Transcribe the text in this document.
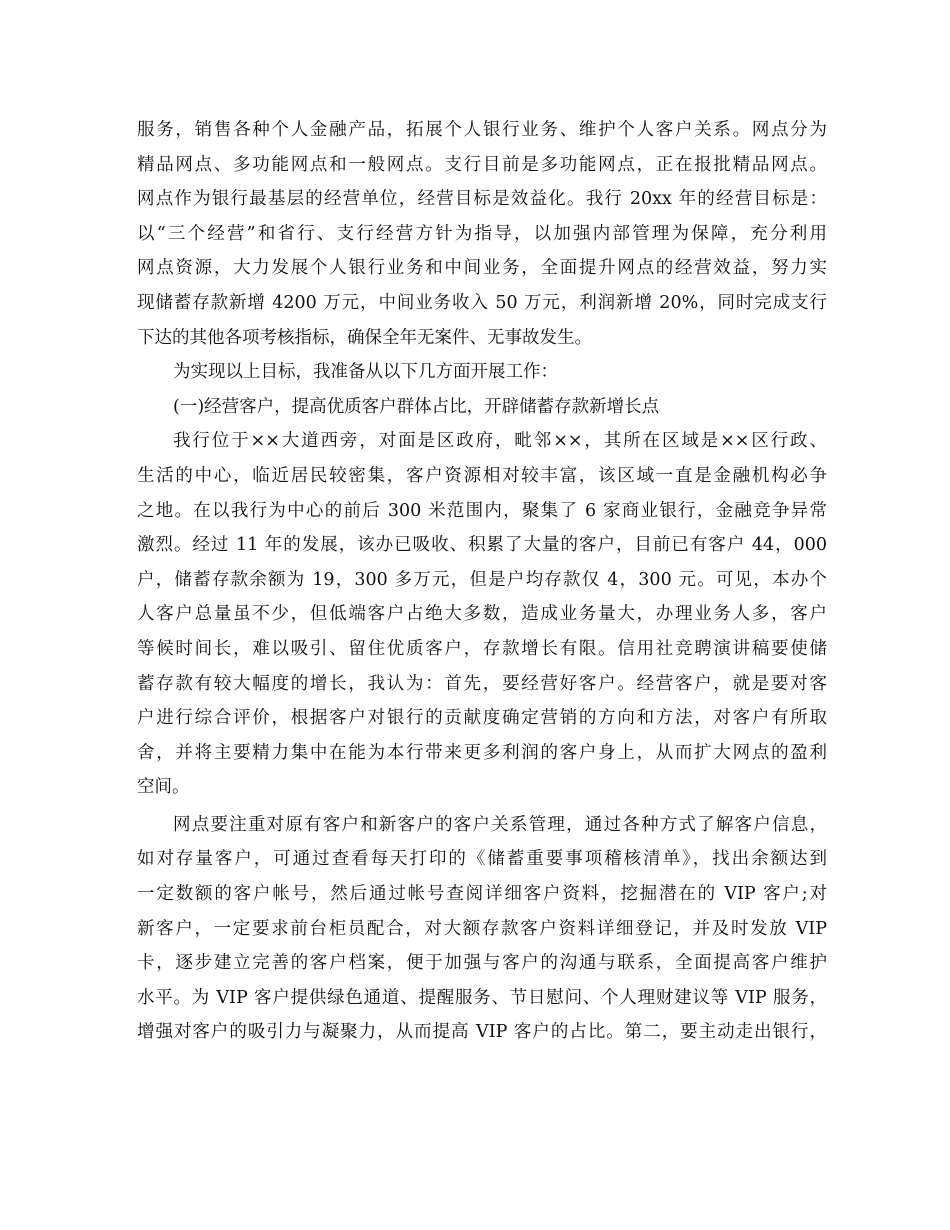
服务，销售各种个人金融产品，拓展个人银行业务、维护个人客户关系。网点分为
精品网点、多功能网点和一般网点。支行目前是多功能网点，正在报批精品网点。
网点作为银行最基层的经营单位，经营目标是效益化。我行 20xx 年的经营目标是：
以“三个经营”和省行、支行经营方针为指导，以加强内部管理为保障，充分利用
网点资源，大力发展个人银行业务和中间业务，全面提升网点的经营效益，努力实
现储蓄存款新增 4200 万元，中间业务收入 50 万元，利润新增 20%，同时完成支行
下达的其他各项考核指标，确保全年无案件、无事故发生。
为实现以上目标，我准备从以下几方面开展工作：
(一)经营客户，提高优质客户群体占比，开辟储蓄存款新增长点
我行位于××大道西旁，对面是区政府，毗邻××，其所在区域是××区行政、
生活的中心，临近居民较密集，客户资源相对较丰富，该区域一直是金融机构必争
之地。在以我行为中心的前后 300 米范围内，聚集了 6 家商业银行，金融竞争异常
激烈。经过 11 年的发展，该办已吸收、积累了大量的客户，目前已有客户 44，000
户，储蓄存款余额为 19，300 多万元，但是户均存款仅 4，300 元。可见，本办个
人客户总量虽不少，但低端客户占绝大多数，造成业务量大，办理业务人多，客户
等候时间长，难以吸引、留住优质客户，存款增长有限。信用社竞聘演讲稿要使储
蓄存款有较大幅度的增长，我认为：首先，要经营好客户。经营客户，就是要对客
户进行综合评价，根据客户对银行的贡献度确定营销的方向和方法，对客户有所取
舍，并将主要精力集中在能为本行带来更多利润的客户身上，从而扩大网点的盈利
空间。
网点要注重对原有客户和新客户的客户关系管理，通过各种方式了解客户信息，
如对存量客户，可通过查看每天打印的《储蓄重要事项稽核清单》，找出余额达到
一定数额的客户帐号，然后通过帐号查阅详细客户资料，挖掘潜在的 VIP 客户;对
新客户，一定要求前台柜员配合，对大额存款客户资料详细登记，并及时发放 VIP
卡，逐步建立完善的客户档案，便于加强与客户的沟通与联系，全面提高客户维护
水平。为 VIP 客户提供绿色通道、提醒服务、节日慰问、个人理财建议等 VIP 服务，
增强对客户的吸引力与凝聚力，从而提高 VIP 客户的占比。第二，要主动走出银行，
